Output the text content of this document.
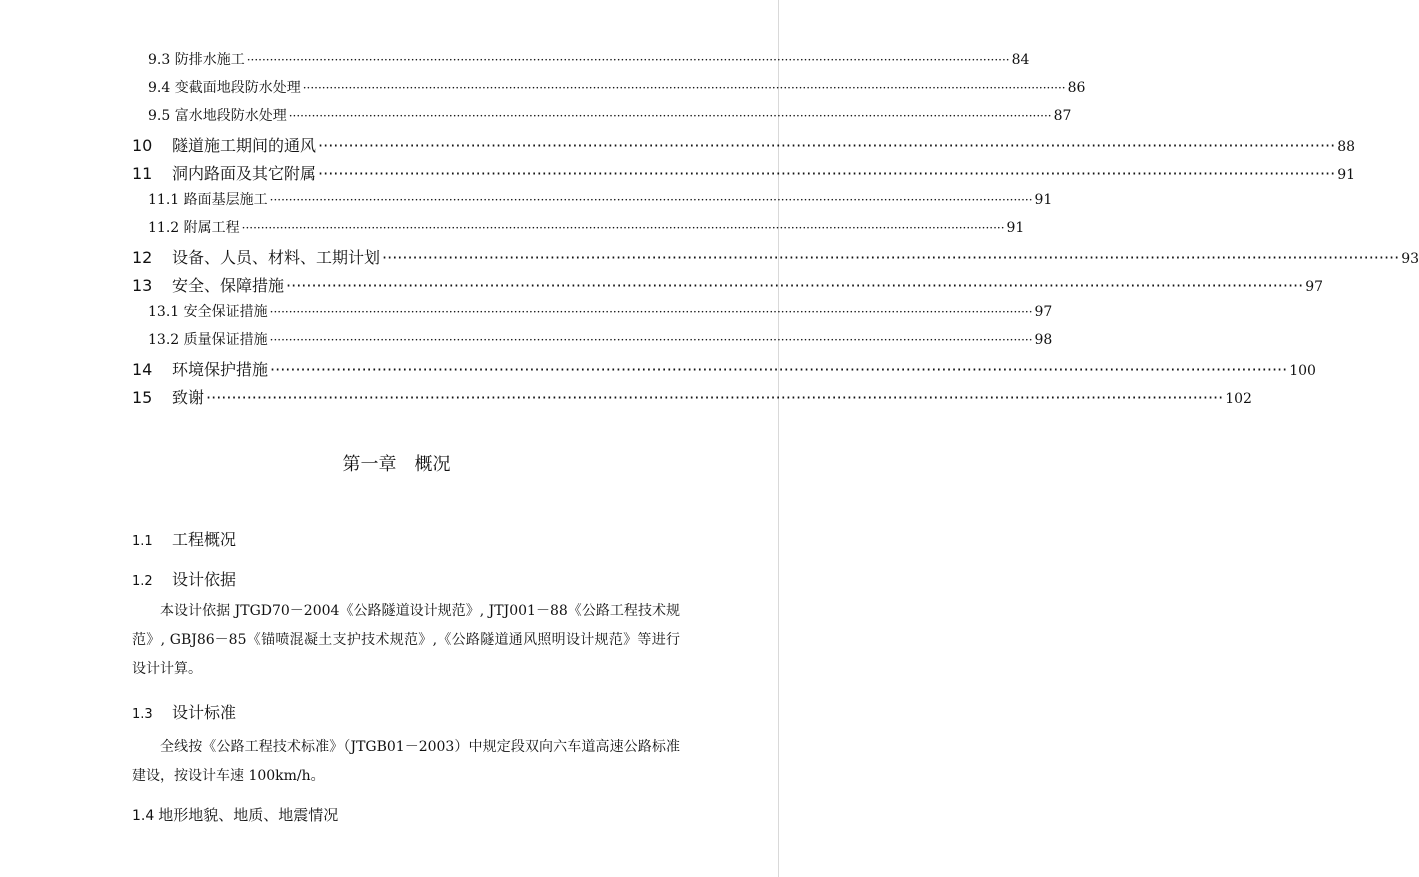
9.3 防排水施工 ········································································································································································································ 84
9.4 变截面地段防水处理 ········································································································································································································ 86
9.5 富水地段防水处理 ········································································································································································································ 87
10 隧道施工期间的通风 ········································································································································································································ 88
11 洞内路面及其它附属 ········································································································································································································ 91
11.1 路面基层施工 ········································································································································································································ 91
11.2 附属工程 ········································································································································································································ 91
12 设备、人员、材料、工期计划 ········································································································································································································ 93
13 安全、保障措施 ········································································································································································································ 97
13.1 安全保证措施 ········································································································································································································ 97
13.2 质量保证措施 ········································································································································································································ 98
14 环境保护措施 ········································································································································································································ 100
15 致谢 ········································································································································································································ 102
第一章　概况
1.1 工程概况
1.2 设计依据

本设计依据 JTGD70－2004《公路隧道设计规范》, JTJ001－88《公路工程技术规范》, GBJ86－85《锚喷混凝土支护技术规范》,《公路隧道通风照明设计规范》等进行设计计算。

1.3 设计标准

全线按《公路工程技术标准》（JTGB01－2003）中规定段双向六车道高速公路标准建设，按设计车速 100km/h。

1.4 地形地貌、地质、地震情况
